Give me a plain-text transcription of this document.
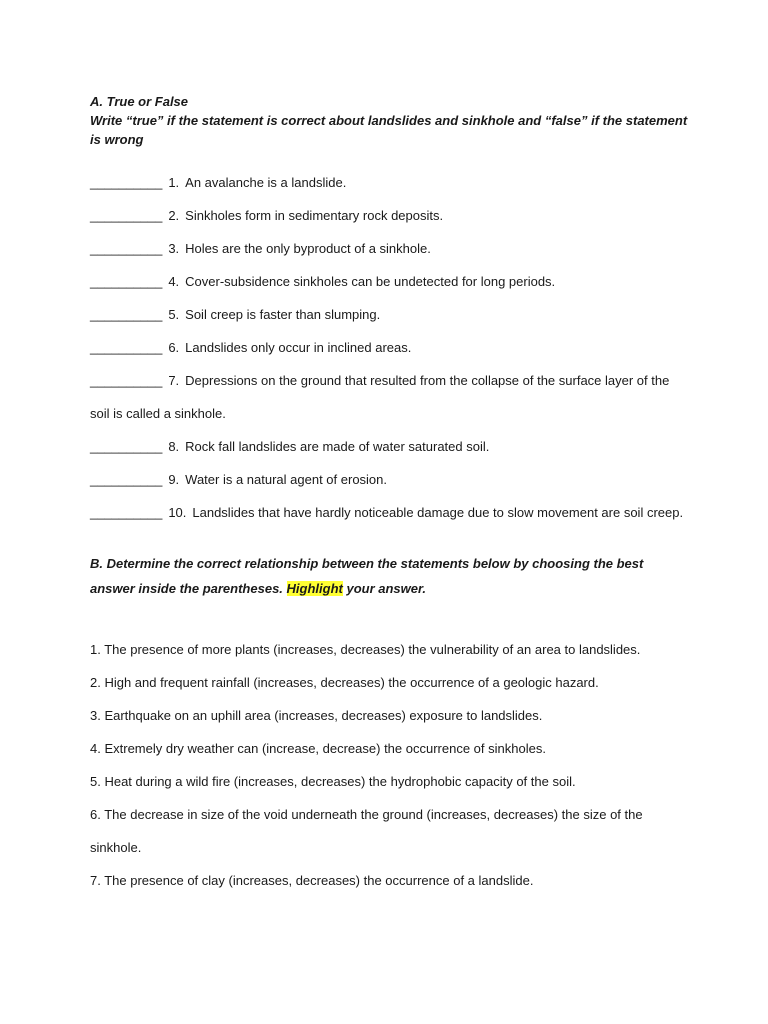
A. True or False

Write “true” if the statement is correct about landslides and sinkhole and “false” if the statement is wrong

__________ 1. An avalanche is a landslide.
__________ 2. Sinkholes form in sedimentary rock deposits.
__________ 3. Holes are the only byproduct of a sinkhole.
__________ 4. Cover-subsidence sinkholes can be undetected for long periods.
__________ 5. Soil creep is faster than slumping.
__________ 6. Landslides only occur in inclined areas.
__________ 7. Depressions on the ground that resulted from the collapse of the surface layer of the soil is called a sinkhole.
__________ 8. Rock fall landslides are made of water saturated soil.
__________ 9. Water is a natural agent of erosion.
__________ 10. Landslides that have hardly noticeable damage due to slow movement are soil creep.

B. Determine the correct relationship between the statements below by choosing the best answer inside the parentheses. Highlight your answer.

1. The presence of more plants (increases, decreases) the vulnerability of an area to landslides.
2. High and frequent rainfall (increases, decreases) the occurrence of a geologic hazard.
3. Earthquake on an uphill area (increases, decreases) exposure to landslides.
4. Extremely dry weather can (increase, decrease) the occurrence of sinkholes.
5. Heat during a wild fire (increases, decreases) the hydrophobic capacity of the soil.
6. The decrease in size of the void underneath the ground (increases, decreases) the size of the sinkhole.
7. The presence of clay (increases, decreases) the occurrence of a landslide.
